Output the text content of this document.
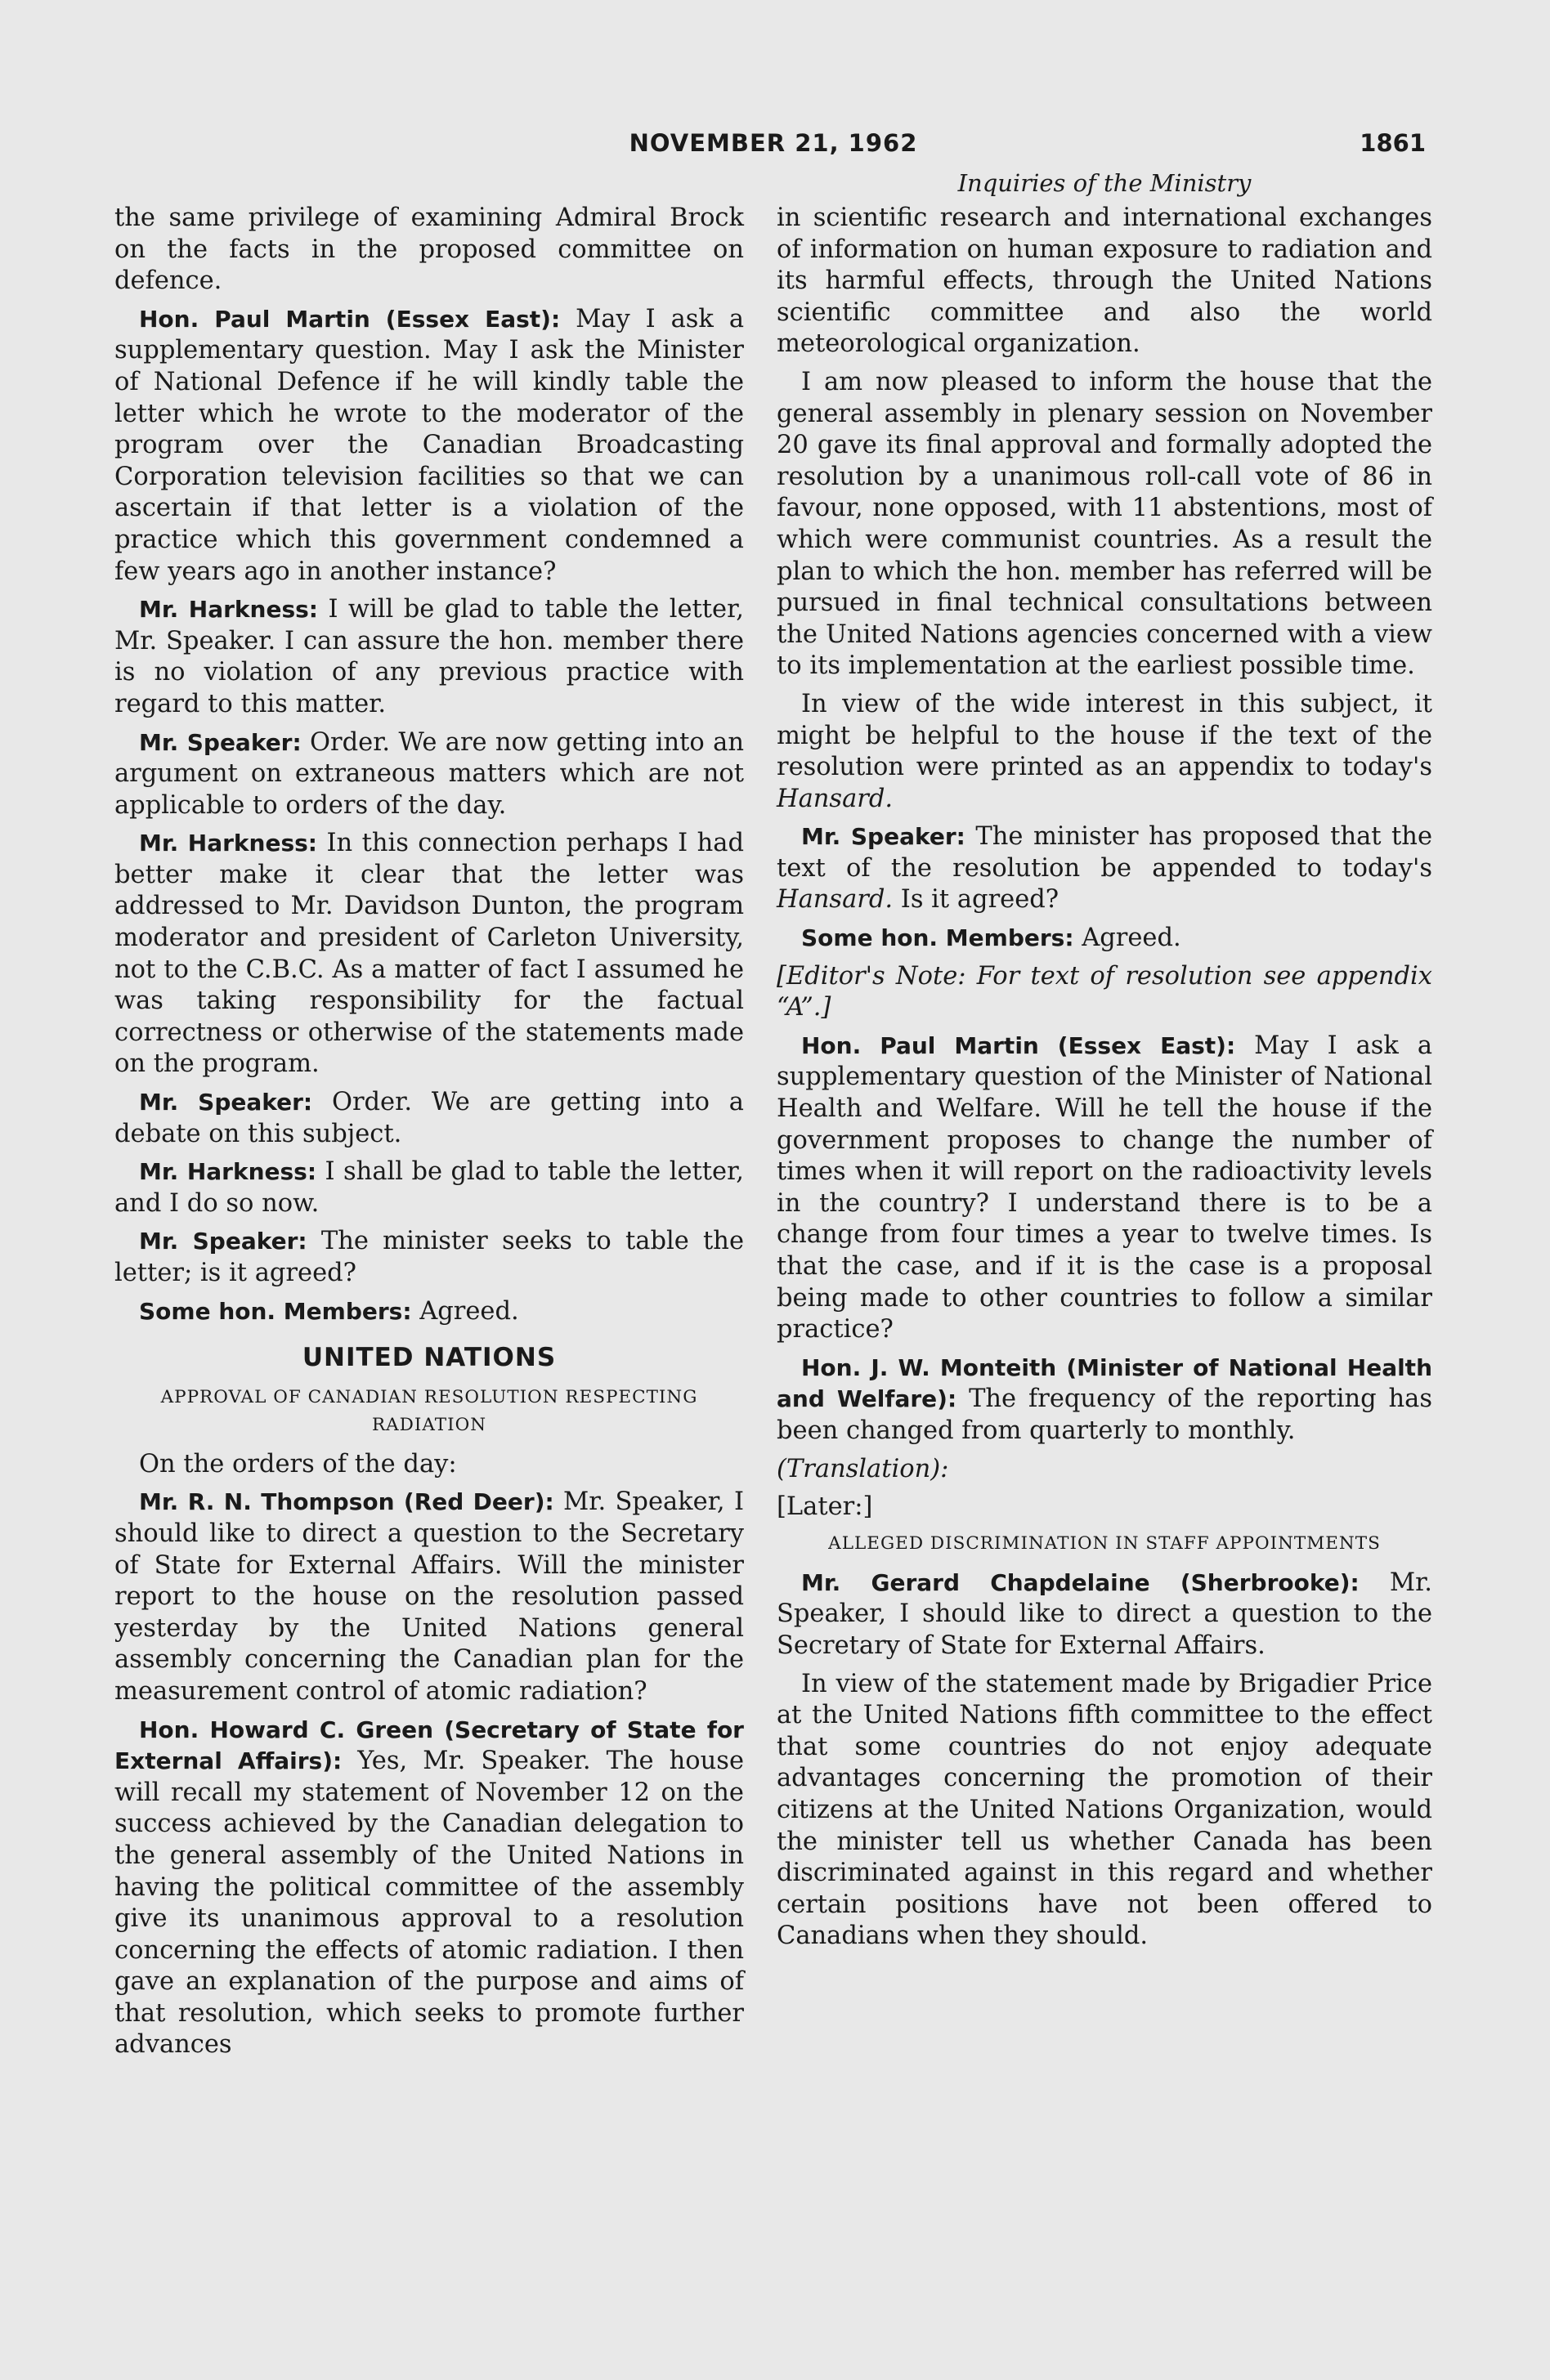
NOVEMBER 21, 1962	1861
Inquiries of the Ministry

the same privilege of examining Admiral Brock on the facts in the proposed committee on defence.

Hon. Paul Martin (Essex East): May I ask a supplementary question. May I ask the Minister of National Defence if he will kindly table the letter which he wrote to the moderator of the program over the Canadian Broadcasting Corporation television facilities so that we can ascertain if that letter is a violation of the practice which this government condemned a few years ago in another instance?

Mr. Harkness: I will be glad to table the letter, Mr. Speaker. I can assure the hon. member there is no violation of any previous practice with regard to this matter.

Mr. Speaker: Order. We are now getting into an argument on extraneous matters which are not applicable to orders of the day.

Mr. Harkness: In this connection perhaps I had better make it clear that the letter was addressed to Mr. Davidson Dunton, the program moderator and president of Carleton University, not to the C.B.C. As a matter of fact I assumed he was taking responsibility for the factual correctness or otherwise of the statements made on the program.

Mr. Speaker: Order. We are getting into a debate on this subject.

Mr. Harkness: I shall be glad to table the letter, and I do so now.

Mr. Speaker: The minister seeks to table the letter; is it agreed?

Some hon. Members: Agreed.

UNITED NATIONS
APPROVAL OF CANADIAN RESOLUTION RESPECTING RADIATION

On the orders of the day:

Mr. R. N. Thompson (Red Deer): Mr. Speaker, I should like to direct a question to the Secretary of State for External Affairs. Will the minister report to the house on the resolution passed yesterday by the United Nations general assembly concerning the Canadian plan for the measurement control of atomic radiation?

Hon. Howard C. Green (Secretary of State for External Affairs): Yes, Mr. Speaker. The house will recall my statement of November 12 on the success achieved by the Canadian delegation to the general assembly of the United Nations in having the political committee of the assembly give its unanimous approval to a resolution concerning the effects of atomic radiation. I then gave an explanation of the purpose and aims of that resolution, which seeks to promote further advances

in scientific research and international exchanges of information on human exposure to radiation and its harmful effects, through the United Nations scientific committee and also the world meteorological organization.

I am now pleased to inform the house that the general assembly in plenary session on November 20 gave its final approval and formally adopted the resolution by a unanimous roll-call vote of 86 in favour, none opposed, with 11 abstentions, most of which were communist countries. As a result the plan to which the hon. member has referred will be pursued in final technical consultations between the United Nations agencies concerned with a view to its implementation at the earliest possible time.

In view of the wide interest in this subject, it might be helpful to the house if the text of the resolution were printed as an appendix to today's Hansard.

Mr. Speaker: The minister has proposed that the text of the resolution be appended to today's Hansard. Is it agreed?

Some hon. Members: Agreed.

[Editor's Note: For text of resolution see appendix “A”.]

Hon. Paul Martin (Essex East): May I ask a supplementary question of the Minister of National Health and Welfare. Will he tell the house if the government proposes to change the number of times when it will report on the radioactivity levels in the country? I understand there is to be a change from four times a year to twelve times. Is that the case, and if it is the case is a proposal being made to other countries to follow a similar practice?

Hon. J. W. Monteith (Minister of National Health and Welfare): The frequency of the reporting has been changed from quarterly to monthly.

(Translation):

[Later:]

ALLEGED DISCRIMINATION IN STAFF APPOINTMENTS

Mr. Gerard Chapdelaine (Sherbrooke): Mr. Speaker, I should like to direct a question to the Secretary of State for External Affairs.

In view of the statement made by Brigadier Price at the United Nations fifth committee to the effect that some countries do not enjoy adequate advantages concerning the promotion of their citizens at the United Nations Organization, would the minister tell us whether Canada has been discriminated against in this regard and whether certain positions have not been offered to Canadians when they should.
